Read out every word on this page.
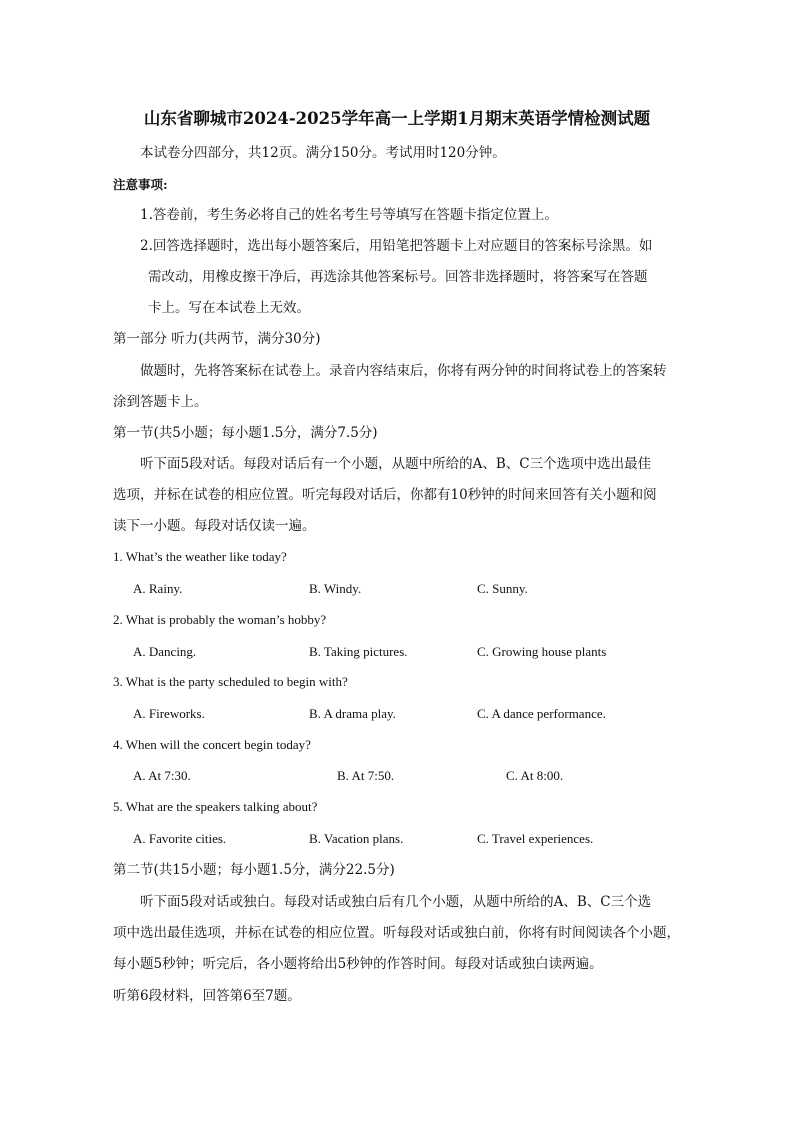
山东省聊城市2024-2025学年高一上学期1月期末英语学情检测试题
本试卷分四部分，共12页。满分150分。考试用时120分钟。
注意事项:
1.答卷前，考生务必将自己的姓名考生号等填写在答题卡指定位置上。
2.回答选择题时，选出每小题答案后，用铅笔把答题卡上对应题目的答案标号涂黑。如
需改动，用橡皮擦干净后，再选涂其他答案标号。回答非选择题时，将答案写在答题
卡上。写在本试卷上无效。
第一部分 听力(共两节，满分30分)
做题时，先将答案标在试卷上。录音内容结束后，你将有两分钟的时间将试卷上的答案转
涂到答题卡上。
第一节(共5小题；每小题1.5分，满分7.5分)
听下面5段对话。每段对话后有一个小题，从题中所给的A、B、C三个选项中选出最佳
选项，并标在试卷的相应位置。听完每段对话后，你都有10秒钟的时间来回答有关小题和阅
读下一小题。每段对话仅读一遍。
1. What’s the weather like today?
A. Rainy.	B. Windy.	C. Sunny.
2. What is probably the woman’s hobby?
A. Dancing.	B. Taking pictures.	C. Growing house plants
3. What is the party scheduled to begin with?
A. Fireworks.	B. A drama play.	C. A dance performance.
4. When will the concert begin today?
A. At 7:30.	B. At 7:50.	C. At 8:00.
5. What are the speakers talking about?
A. Favorite cities.	B. Vacation plans.	C. Travel experiences.
第二节(共15小题；每小题1.5分，满分22.5分)
听下面5段对话或独白。每段对话或独白后有几个小题，从题中所给的A、B、C三个选
项中选出最佳选项，并标在试卷的相应位置。听每段对话或独白前，你将有时间阅读各个小题，
每小题5秒钟；听完后，各小题将给出5秒钟的作答时间。每段对话或独白读两遍。
听第6段材料，回答第6至7题。
